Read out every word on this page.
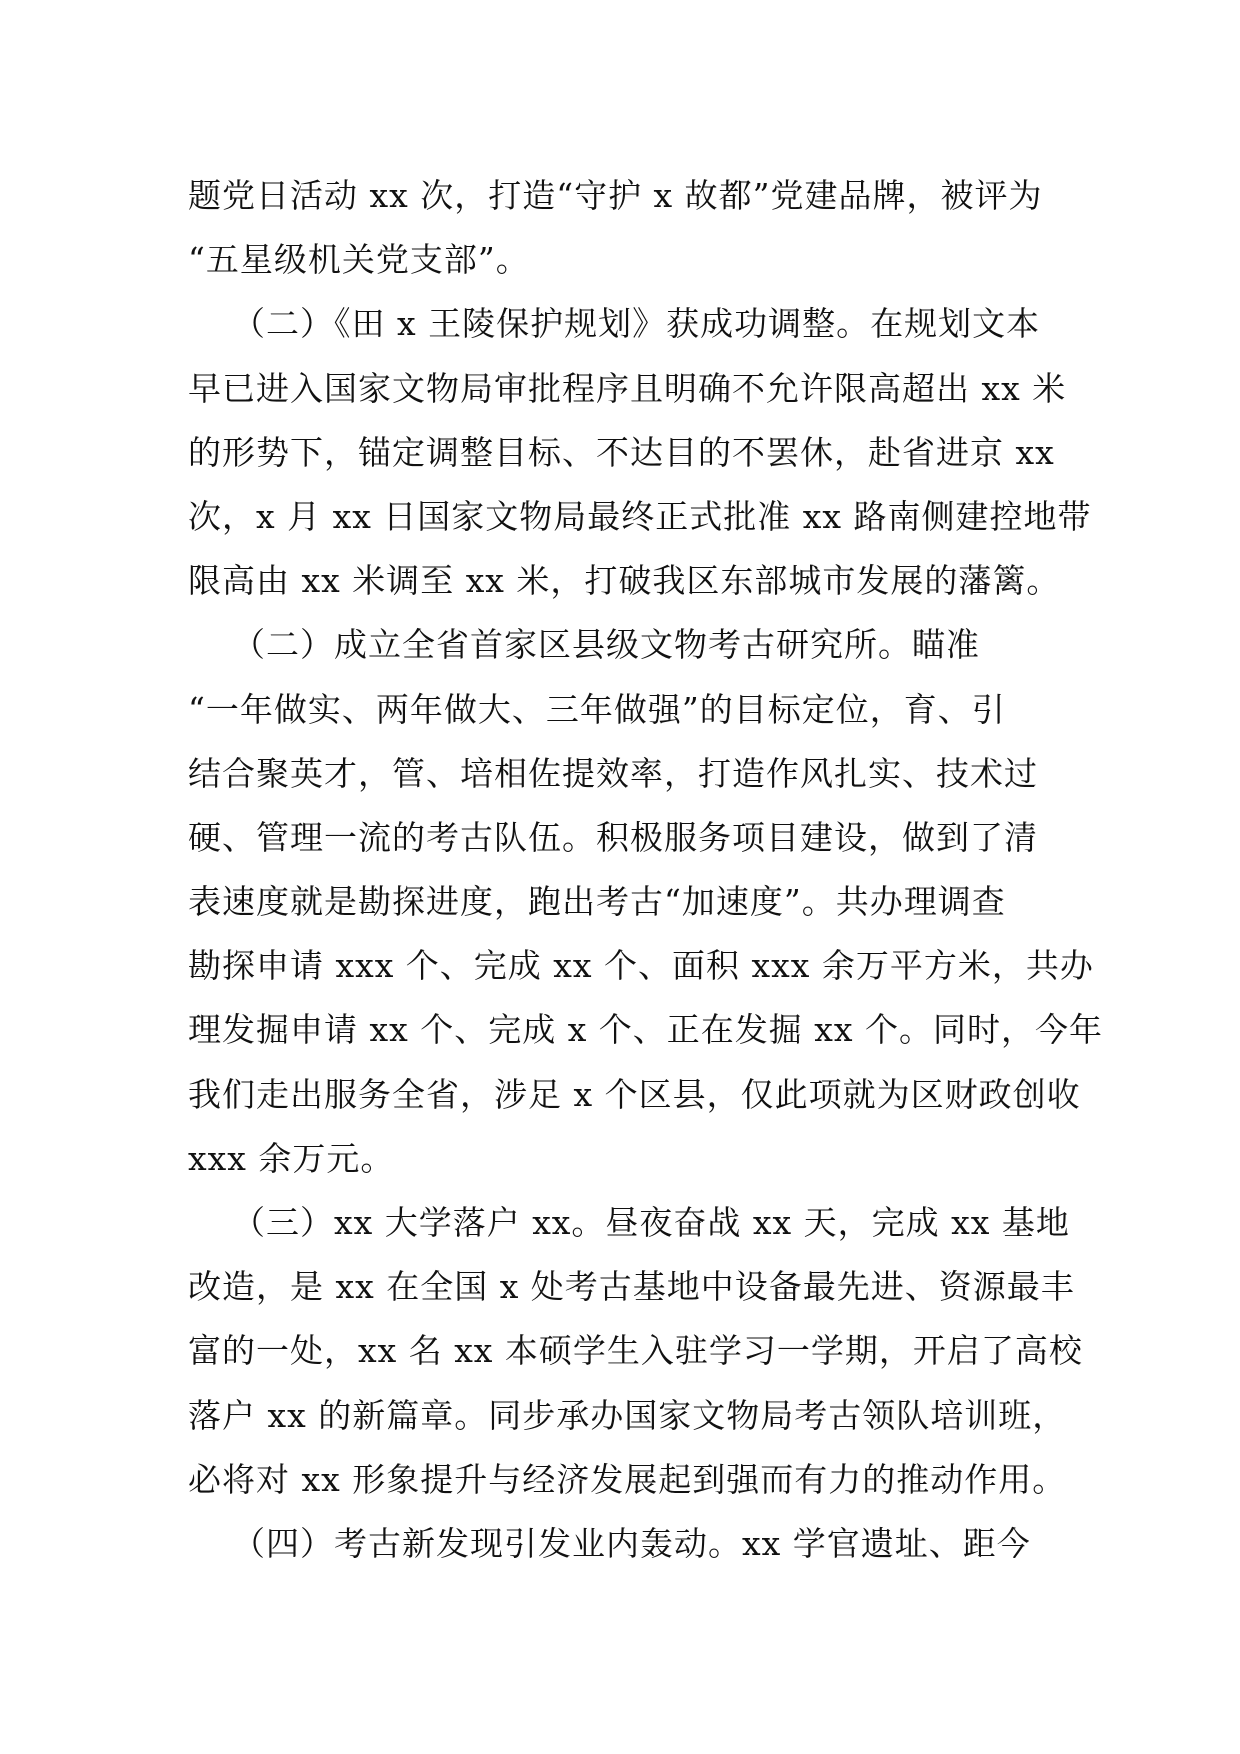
题党日活动 xx 次，打造“守护 x 故都”党建品牌，被评为
“五星级机关党支部”。
（二）《田 x 王陵保护规划》获成功调整。在规划文本
早已进入国家文物局审批程序且明确不允许限高超出 xx 米
的形势下，锚定调整目标、不达目的不罢休，赴省进京 xx
次，x 月 xx 日国家文物局最终正式批准 xx 路南侧建控地带
限高由 xx 米调至 xx 米，打破我区东部城市发展的藩篱。
（二）成立全省首家区县级文物考古研究所。瞄准
“一年做实、两年做大、三年做强”的目标定位，育、引
结合聚英才，管、培相佐提效率，打造作风扎实、技术过
硬、管理一流的考古队伍。积极服务项目建设，做到了清
表速度就是勘探进度，跑出考古“加速度”。共办理调查
勘探申请 xxx 个、完成 xx 个、面积 xxx 余万平方米，共办
理发掘申请 xx 个、完成 x 个、正在发掘 xx 个。同时，今年
我们走出服务全省，涉足 x 个区县，仅此项就为区财政创收
xxx 余万元。
（三）xx 大学落户 xx。昼夜奋战 xx 天，完成 xx 基地
改造，是 xx 在全国 x 处考古基地中设备最先进、资源最丰
富的一处，xx 名 xx 本硕学生入驻学习一学期，开启了高校
落户 xx 的新篇章。同步承办国家文物局考古领队培训班，
必将对 xx 形象提升与经济发展起到强而有力的推动作用。
（四）考古新发现引发业内轰动。xx 学官遗址、距今
